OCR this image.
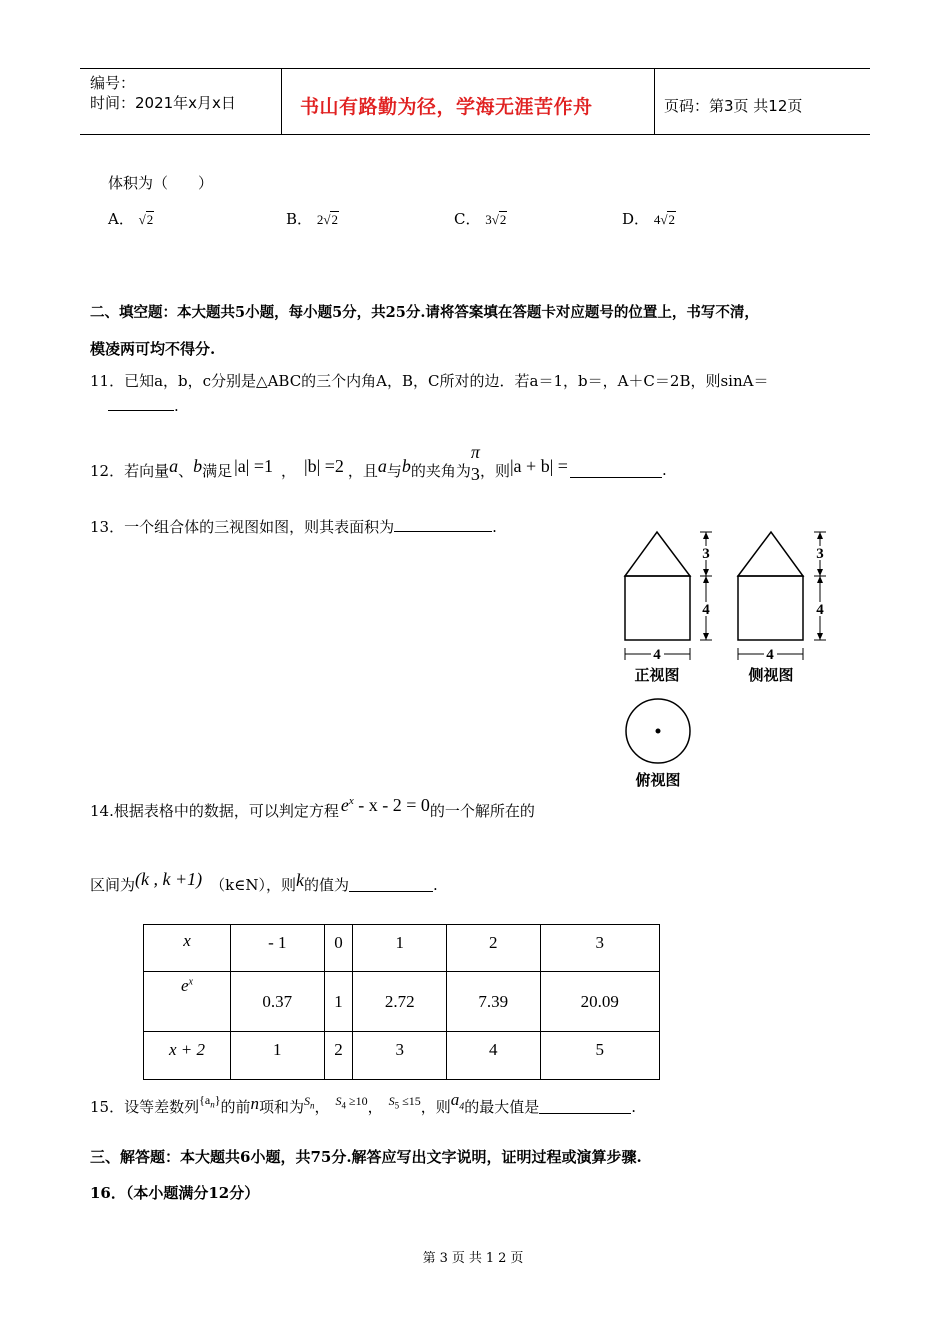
编号：
时间：2021年x月x日	书山有路勤为径，学海无涯苦作舟	页码：第3页 共12页
体积为（　　）
A． √2	B． 2√2	C． 3√2	D． 4√2
二、填空题：本大题共5小题，每小题5分，共25分.请将答案填在答题卡对应题号的位置上，书写不清，
模凌两可均不得分.
11．已知a，b，c分别是△ABC的三个内角A，B，C所对的边．若a＝1，b＝，A＋C＝2B，则sinA＝
.
12．若向量 a 、 b 满足 |a| =1 ， |b| =2 ，且 a 与 b 的夹角为
π
3 ，则 |a + b| =	.
13．一个组合体的三视图如图，则其表面积为	.
3
4
4
正视图
3
4
4
侧视图
俯视图
14.根据表格中的数据，可以判定方程 $e^x - x - 2 = 0$ 的一个解所在的
区间为 (k , k +1) （k∈N），则 k 的值为	.
x	- 1	0	1	2	3
$e^x$	0.37	1	2.72	7.39	20.09
x + 2	1	2	3	4	5
15．设等差数列 $\{a_n\}$ 的前 n 项和为 $S_n$ ， $S_4 \ge 10$ ， $S_5 \le 15$ ，则 $a_4$ 的最大值是	.
三、解答题：本大题共6小题，共75分.解答应写出文字说明，证明过程或演算步骤.
16．（本小题满分12分）
第3页共12页
